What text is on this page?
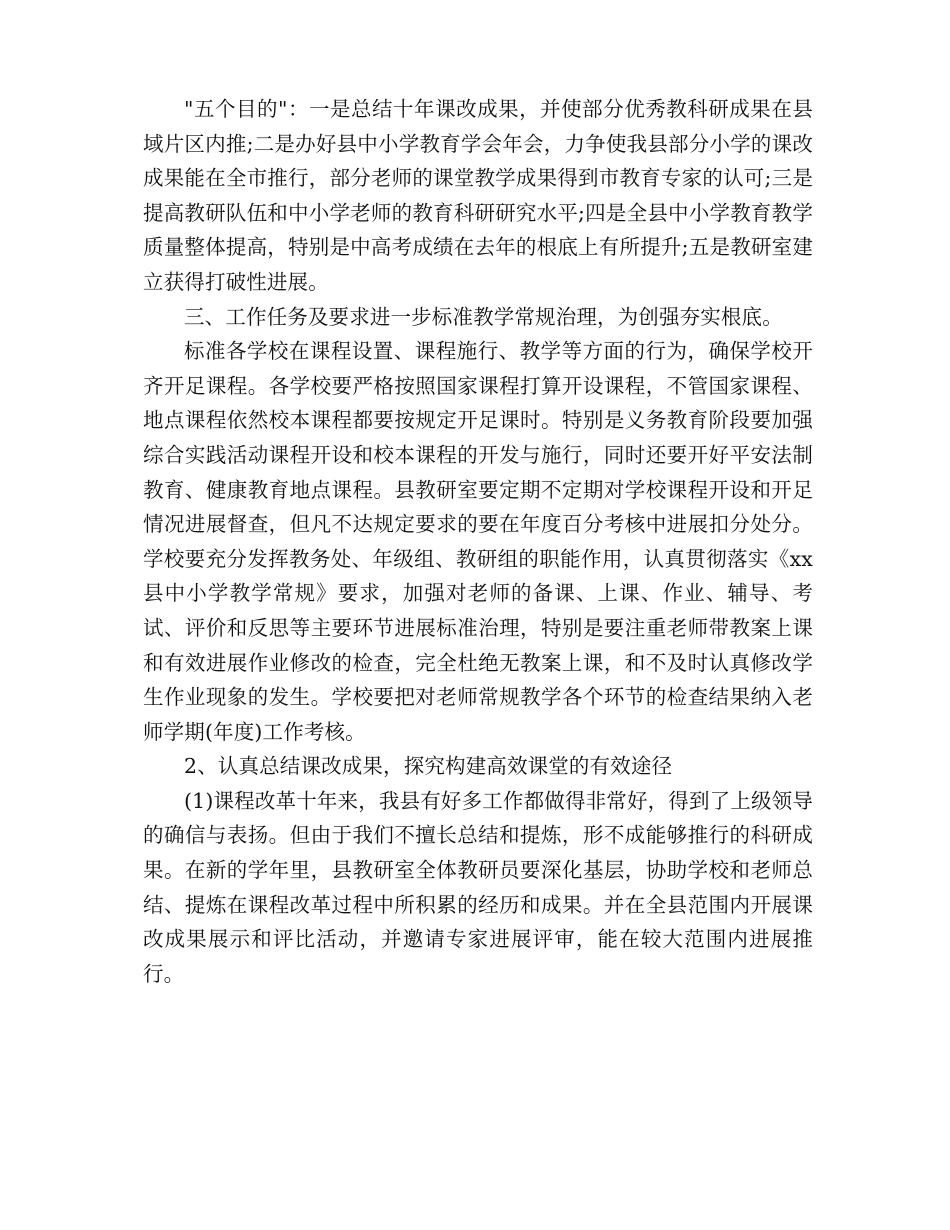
"五个目的"：一是总结十年课改成果，并使部分优秀教科研成果在县域片区内推;二是办好县中小学教育学会年会，力争使我县部分小学的课改成果能在全市推行，部分老师的课堂教学成果得到市教育专家的认可;三是提高教研队伍和中小学老师的教育科研研究水平;四是全县中小学教育教学质量整体提高，特别是中高考成绩在去年的根底上有所提升;五是教研室建立获得打破性进展。

三、工作任务及要求进一步标准教学常规治理，为创强夯实根底。

标准各学校在课程设置、课程施行、教学等方面的行为，确保学校开齐开足课程。各学校要严格按照国家课程打算开设课程，不管国家课程、地点课程依然校本课程都要按规定开足课时。特别是义务教育阶段要加强综合实践活动课程开设和校本课程的开发与施行，同时还要开好平安法制教育、健康教育地点课程。县教研室要定期不定期对学校课程开设和开足情况进展督查，但凡不达规定要求的要在年度百分考核中进展扣分处分。学校要充分发挥教务处、年级组、教研组的职能作用，认真贯彻落实《xx县中小学教学常规》要求，加强对老师的备课、上课、作业、辅导、考试、评价和反思等主要环节进展标准治理，特别是要注重老师带教案上课和有效进展作业修改的检查，完全杜绝无教案上课，和不及时认真修改学生作业现象的发生。学校要把对老师常规教学各个环节的检查结果纳入老师学期(年度)工作考核。

2、认真总结课改成果，探究构建高效课堂的有效途径

(1)课程改革十年来，我县有好多工作都做得非常好，得到了上级领导的确信与表扬。但由于我们不擅长总结和提炼，形不成能够推行的科研成果。在新的学年里，县教研室全体教研员要深化基层，协助学校和老师总结、提炼在课程改革过程中所积累的经历和成果。并在全县范围内开展课改成果展示和评比活动，并邀请专家进展评审，能在较大范围内进展推行。
